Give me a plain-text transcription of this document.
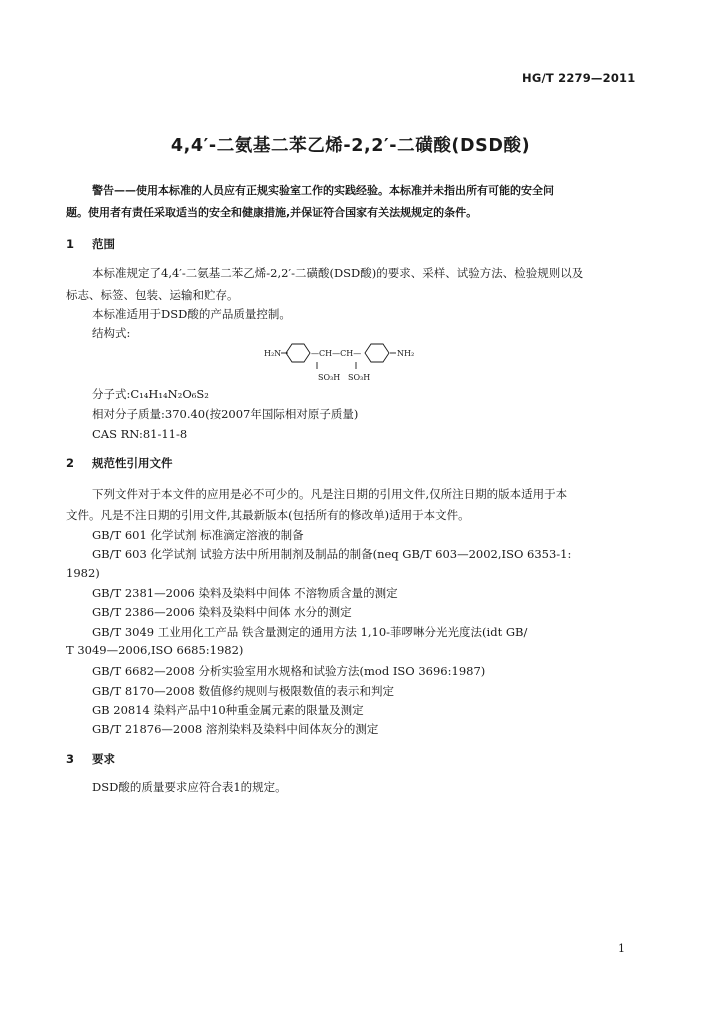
HG/T 2279—2011
4,4′-二氨基二苯乙烯-2,2′-二磺酸(DSD酸)
警告——使用本标准的人员应有正规实验室工作的实践经验。本标准并未指出所有可能的安全问
题。使用者有责任采取适当的安全和健康措施,并保证符合国家有关法规规定的条件。
1 范围
本标准规定了4,4′-二氨基二苯乙烯-2,2′-二磺酸(DSD酸)的要求、采样、试验方法、检验规则以及
标志、标签、包装、运输和贮存。
本标准适用于DSD酸的产品质量控制。
结构式:
H₂N	—CH—CH—	NH₂
SO₃H SO₃H
分子式:C₁₄H₁₄N₂O₆S₂
相对分子质量:370.40(按2007年国际相对原子质量)
CAS RN:81-11-8
2 规范性引用文件
下列文件对于本文件的应用是必不可少的。凡是注日期的引用文件,仅所注日期的版本适用于本
文件。凡是不注日期的引用文件,其最新版本(包括所有的修改单)适用于本文件。
GB/T 601 化学试剂 标准滴定溶液的制备
GB/T 603 化学试剂 试验方法中所用制剂及制品的制备(neq GB/T 603—2002,ISO 6353-1:
1982)
GB/T 2381—2006 染料及染料中间体 不溶物质含量的测定
GB/T 2386—2006 染料及染料中间体 水分的测定
GB/T 3049 工业用化工产品 铁含量测定的通用方法 1,10-菲啰啉分光光度法(idt GB/
T 3049—2006,ISO 6685:1982)
GB/T 6682—2008 分析实验室用水规格和试验方法(mod ISO 3696:1987)
GB/T 8170—2008 数值修约规则与极限数值的表示和判定
GB 20814 染料产品中10种重金属元素的限量及测定
GB/T 21876—2008 溶剂染料及染料中间体灰分的测定
3 要求
DSD酸的质量要求应符合表1的规定。
1
